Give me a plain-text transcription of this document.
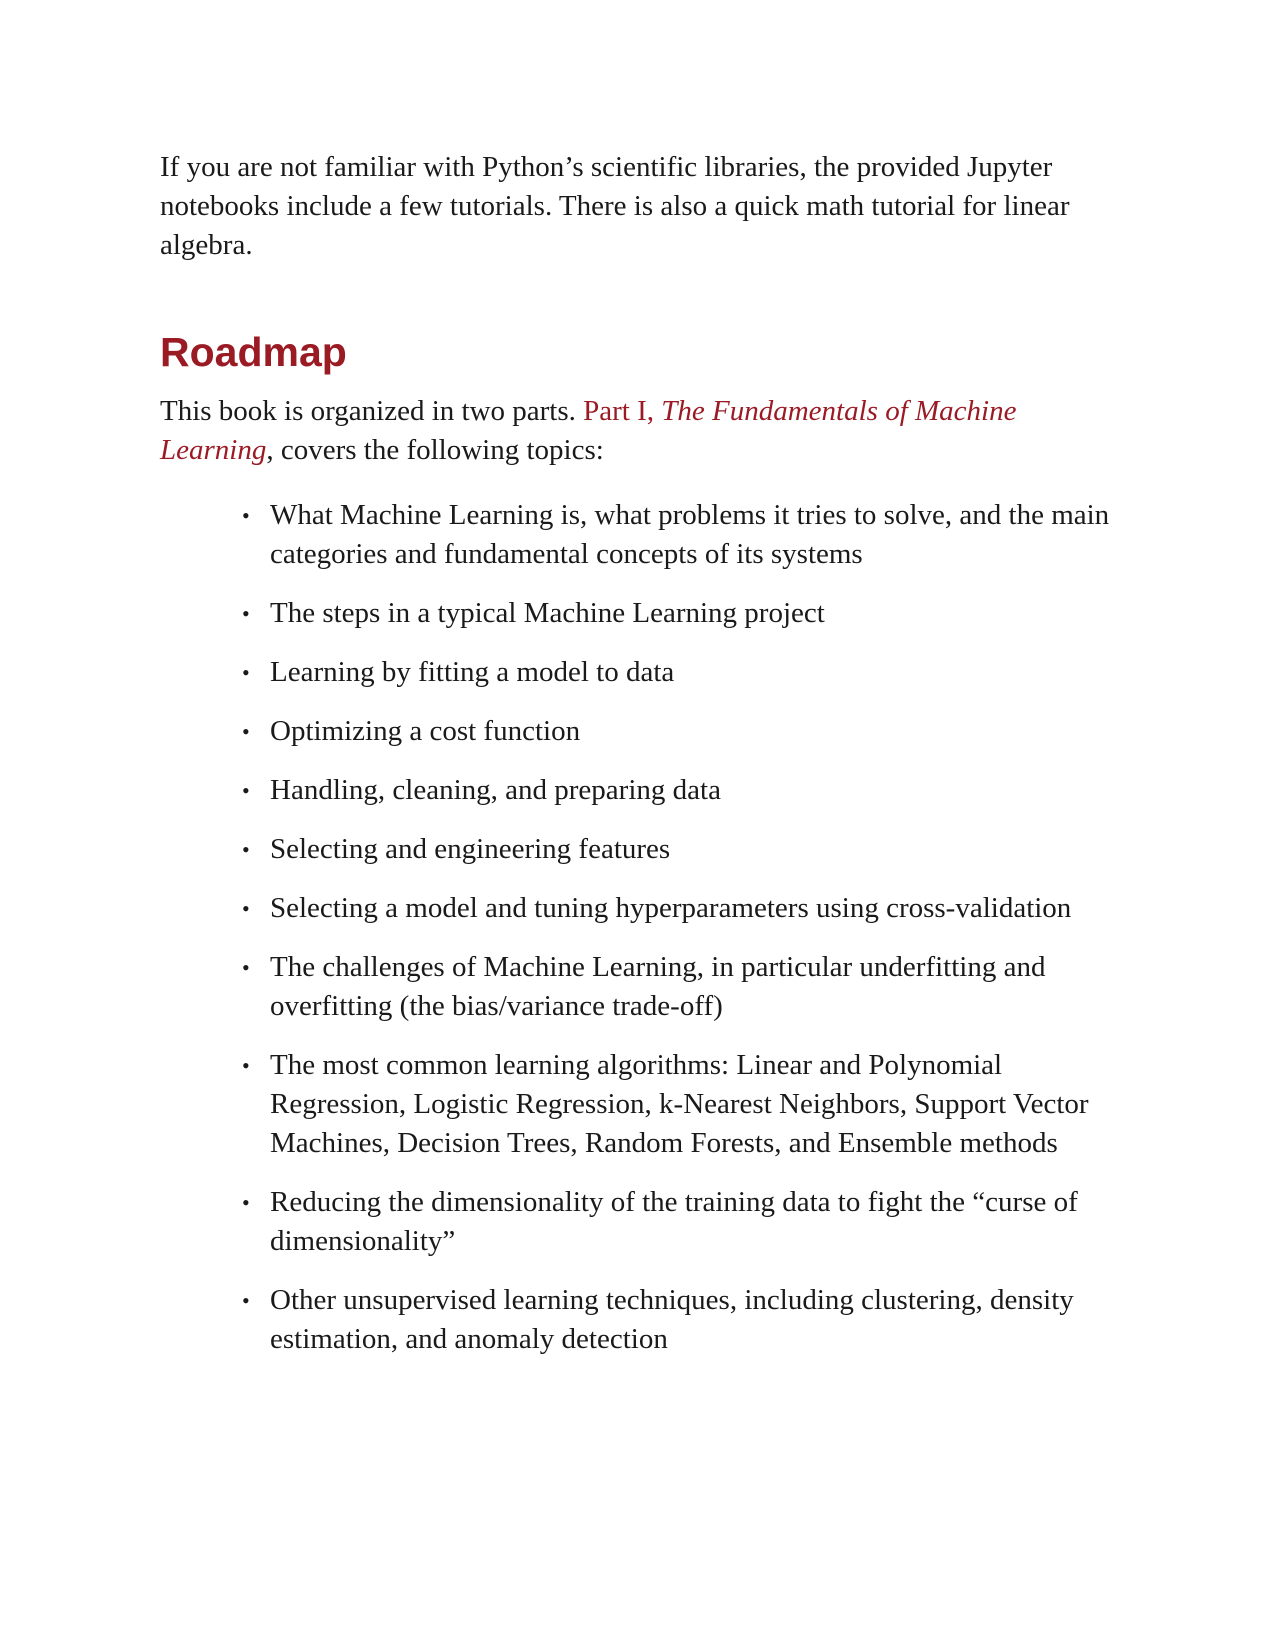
If you are not familiar with Python’s scientific libraries, the provided Jupyter notebooks include a few tutorials. There is also a quick math tutorial for linear algebra.

Roadmap

This book is organized in two parts. Part I, The Fundamentals of Machine Learning, covers the following topics:

• What Machine Learning is, what problems it tries to solve, and the main categories and fundamental concepts of its systems
• The steps in a typical Machine Learning project
• Learning by fitting a model to data
• Optimizing a cost function
• Handling, cleaning, and preparing data
• Selecting and engineering features
• Selecting a model and tuning hyperparameters using cross-validation
• The challenges of Machine Learning, in particular underfitting and overfitting (the bias/variance trade-off)
• The most common learning algorithms: Linear and Polynomial Regression, Logistic Regression, k-Nearest Neighbors, Support Vector Machines, Decision Trees, Random Forests, and Ensemble methods
• Reducing the dimensionality of the training data to fight the “curse of dimensionality”
• Other unsupervised learning techniques, including clustering, density estimation, and anomaly detection
